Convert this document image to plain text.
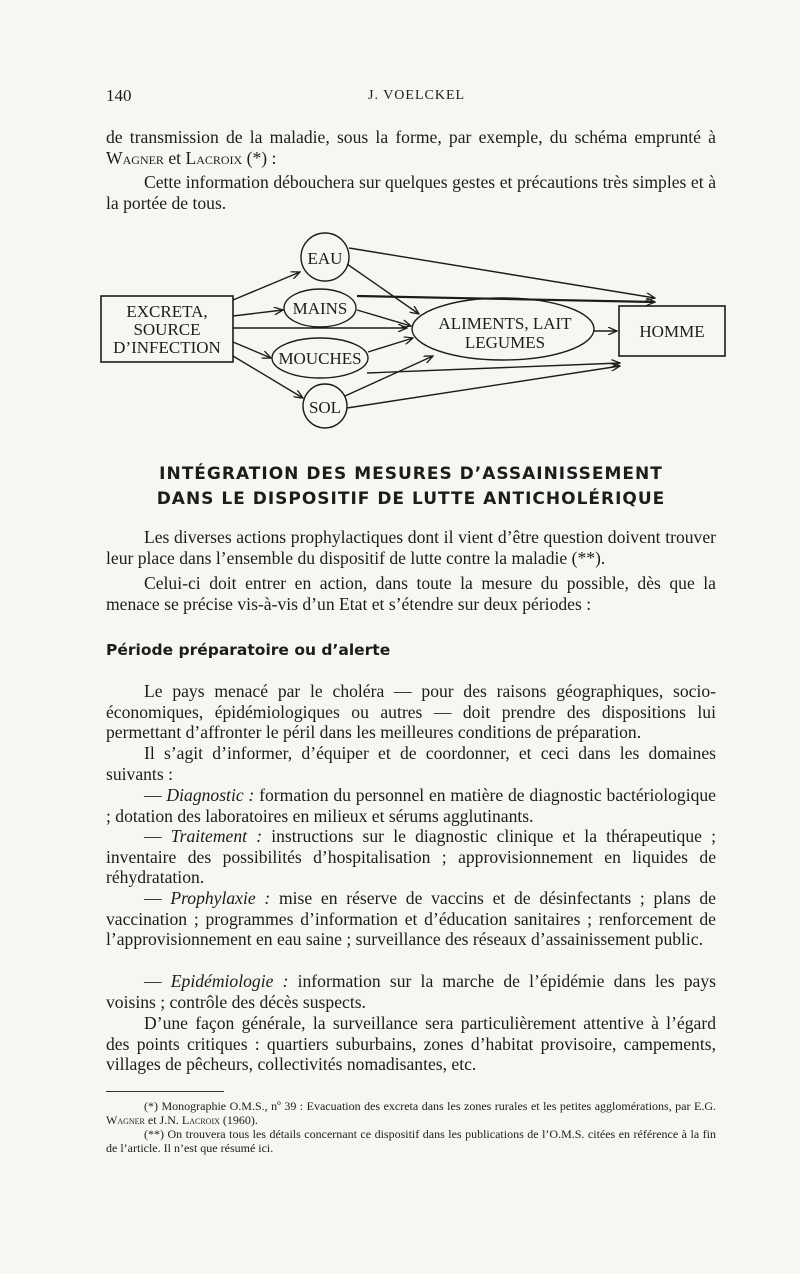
140	J. VOELCKEL

de transmission de la maladie, sous la forme, par exemple, du schéma emprunté à Wagner et Lacroix (*) :

Cette information débouchera sur quelques gestes et précautions très simples et à la portée de tous.

EXCRETA,
SOURCE
D’INFECTION
EAU
MAINS
MOUCHES
SOL
ALIMENTS, LAIT
LEGUMES
HOMME
INTÉGRATION DES MESURES D’ASSAINISSEMENT
DANS LE DISPOSITIF DE LUTTE ANTICHOLÉRIQUE

Les diverses actions prophylactiques dont il vient d’être question doivent trouver leur place dans l’ensemble du dispositif de lutte contre la maladie (**).

Celui-ci doit entrer en action, dans toute la mesure du possible, dès que la menace se précise vis-à-vis d’un Etat et s’étendre sur deux périodes :

Période préparatoire ou d’alerte

Le pays menacé par le choléra — pour des raisons géographiques, socio-économiques, épidémiologiques ou autres — doit prendre des dispositions lui permettant d’affronter le péril dans les meilleures conditions de préparation.

Il s’agit d’informer, d’équiper et de coordonner, et ceci dans les domaines suivants :

— Diagnostic : formation du personnel en matière de diagnostic bactériologique ; dotation des laboratoires en milieux et sérums agglutinants.

— Traitement : instructions sur le diagnostic clinique et la thérapeutique ; inventaire des possibilités d’hospitalisation ; approvisionnement en liquides de réhydratation.

— Prophylaxie : mise en réserve de vaccins et de désinfectants ; plans de vaccination ; programmes d’information et d’éducation sanitaires ; renforcement de l’approvisionnement en eau saine ; surveillance des réseaux d’assainissement public.

— Epidémiologie : information sur la marche de l’épidémie dans les pays voisins ; contrôle des décès suspects.

D’une façon générale, la surveillance sera particulièrement attentive à l’égard des points critiques : quartiers suburbains, zones d’habitat provisoire, campements, villages de pêcheurs, collectivités nomadisantes, etc.

(*) Monographie O.M.S., nº 39 : Evacuation des excreta dans les zones rurales et les petites agglomérations, par E.G. Wagner et J.N. Lacroix (1960).

(**) On trouvera tous les détails concernant ce dispositif dans les publications de l’O.M.S. citées en référence à la fin de l’article. Il n’est que résumé ici.
